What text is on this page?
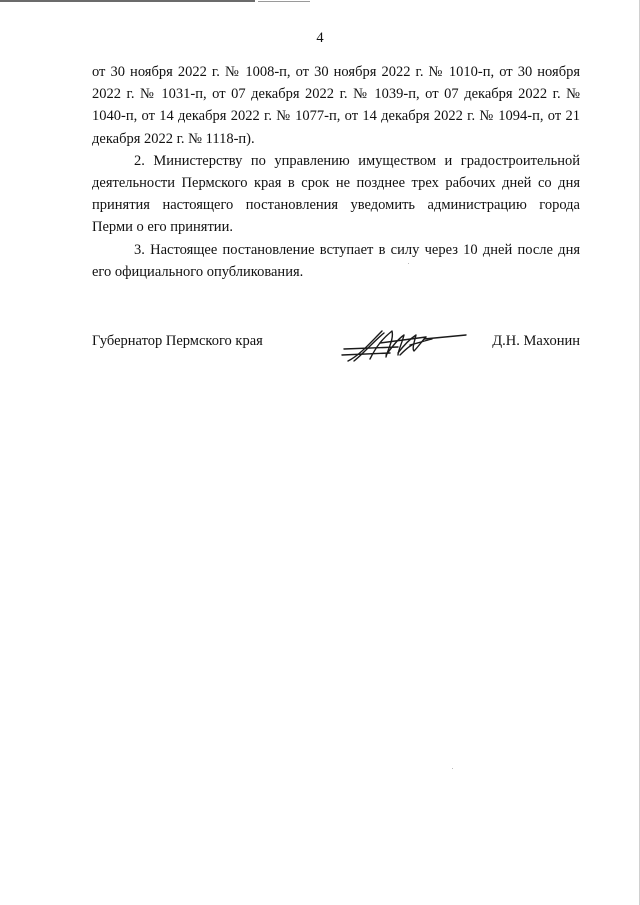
4

от 30 ноября 2022 г. № 1008-п, от 30 ноября 2022 г. № 1010-п, от 30 ноября 2022 г. № 1031-п, от 07 декабря 2022 г. № 1039-п, от 07 декабря 2022 г. № 1040-п, от 14 декабря 2022 г. № 1077-п, от 14 декабря 2022 г. № 1094-п, от 21 декабря 2022 г. № 1118-п).

2. Министерству по управлению имуществом и градостроительной деятельности Пермского края в срок не позднее трех рабочих дней со дня принятия настоящего постановления уведомить администрацию города Перми о его принятии.

3. Настоящее постановление вступает в силу через 10 дней после дня его официального опубликования.

Губернатор Пермского края	Д.Н. Махонин
